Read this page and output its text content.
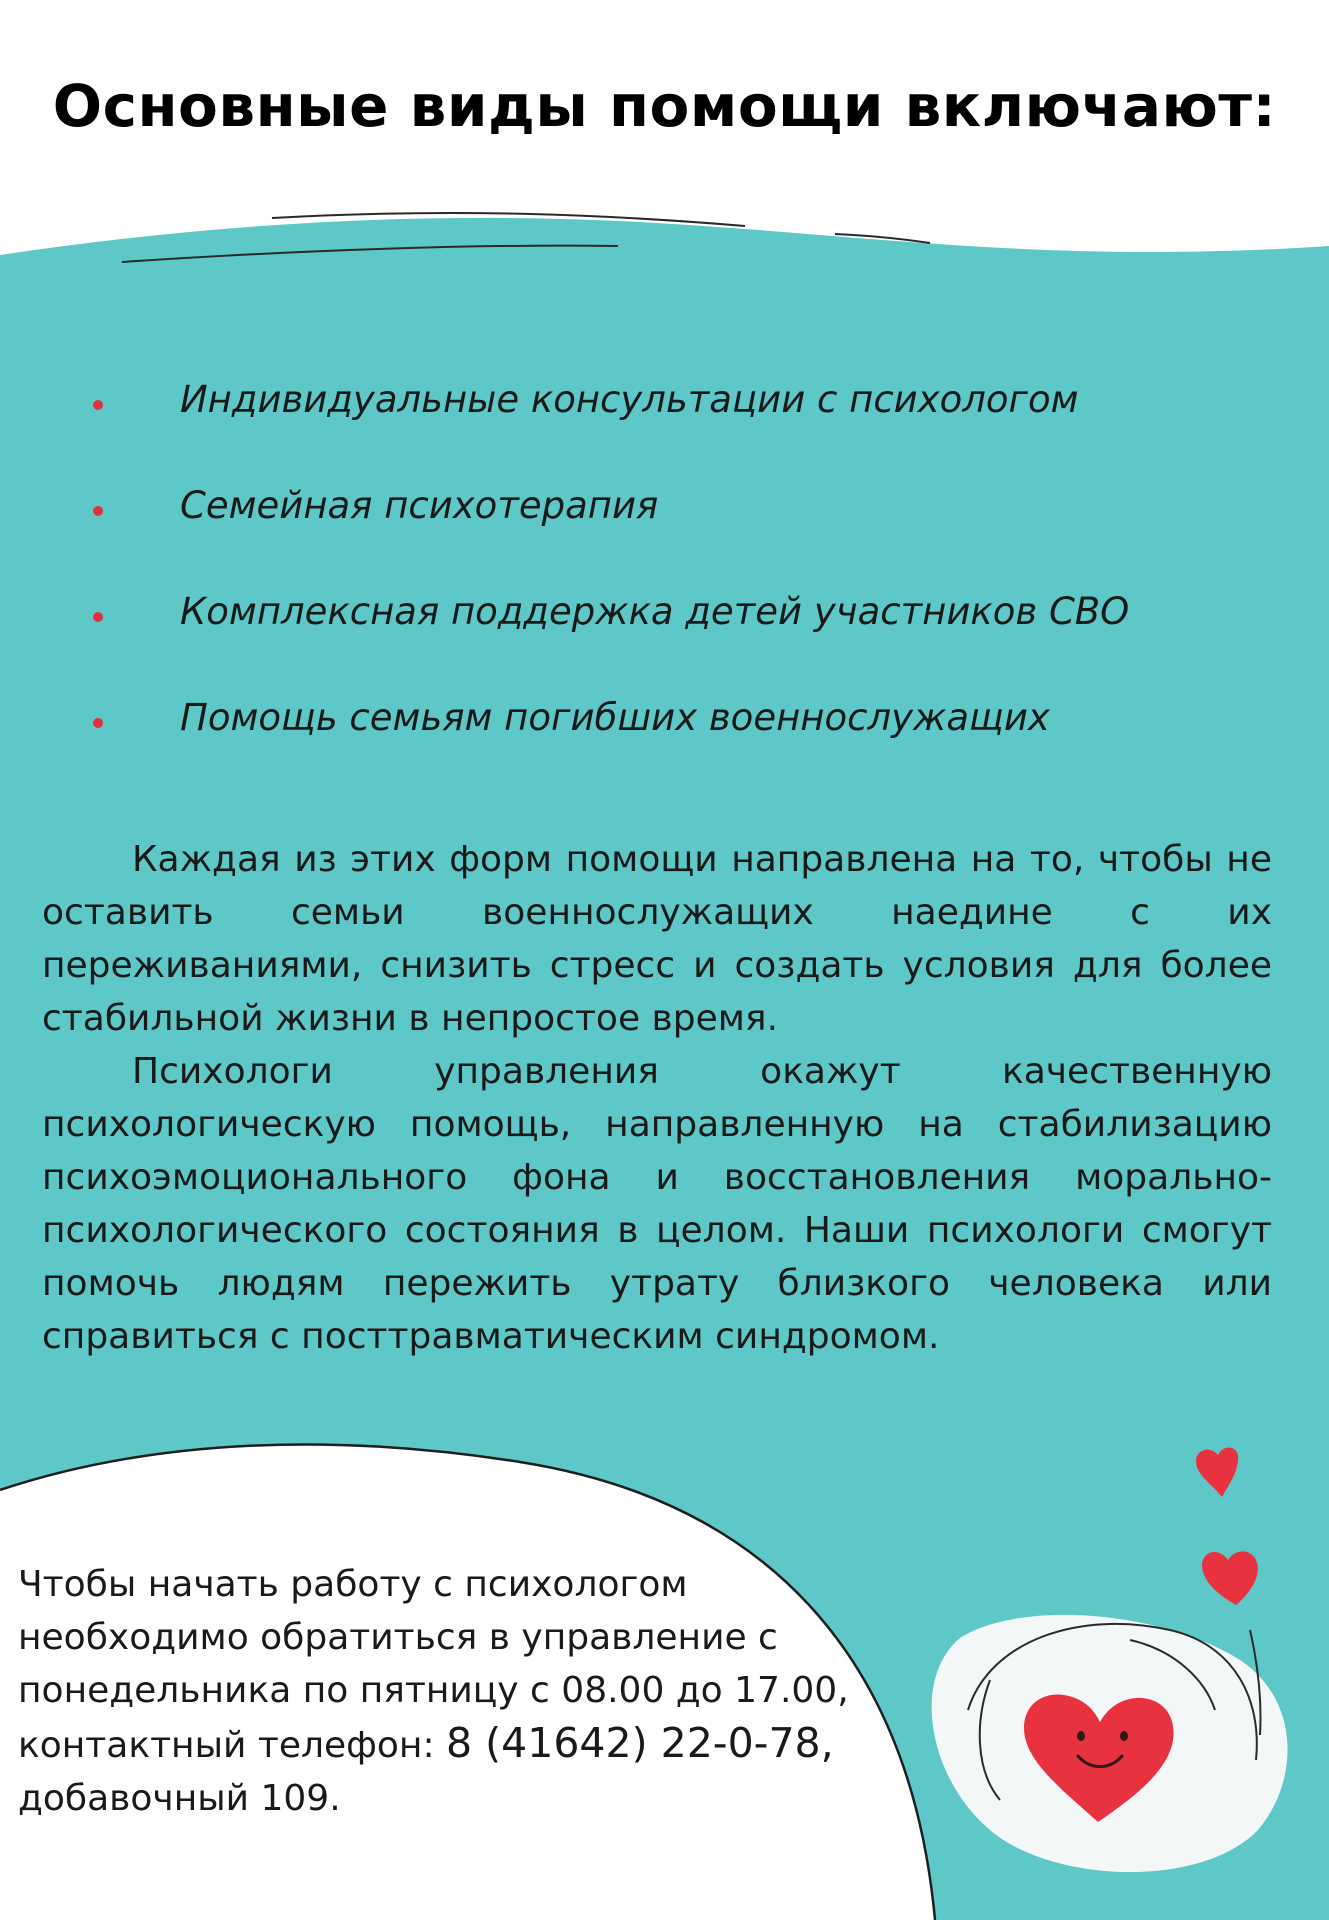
Основные виды помощи включают:
Индивидуальные консультации с психологом
Семейная психотерапия
Комплексная поддержка детей участников СВО
Помощь семьям погибших военнослужащих

Каждая из этих форм помощи направлена на то, чтобы не оставить семьи военнослужащих наедине с их переживаниями, снизить стресс и создать условия для более стабильной жизни в непростое время.

Психологи управления окажут качественную психологическую помощь, направленную на стабилизацию психоэмоционального фона и восстановления морально-психологического состояния в целом. Наши психологи смогут помочь людям пережить утрату близкого человека или справиться с посттравматическим синдромом.

Чтобы начать работу с психологом
необходимо обратиться в управление с
понедельника по пятницу с 08.00 до 17.00,
контактный телефон: 8 (41642) 22-0-78,
добавочный 109.
